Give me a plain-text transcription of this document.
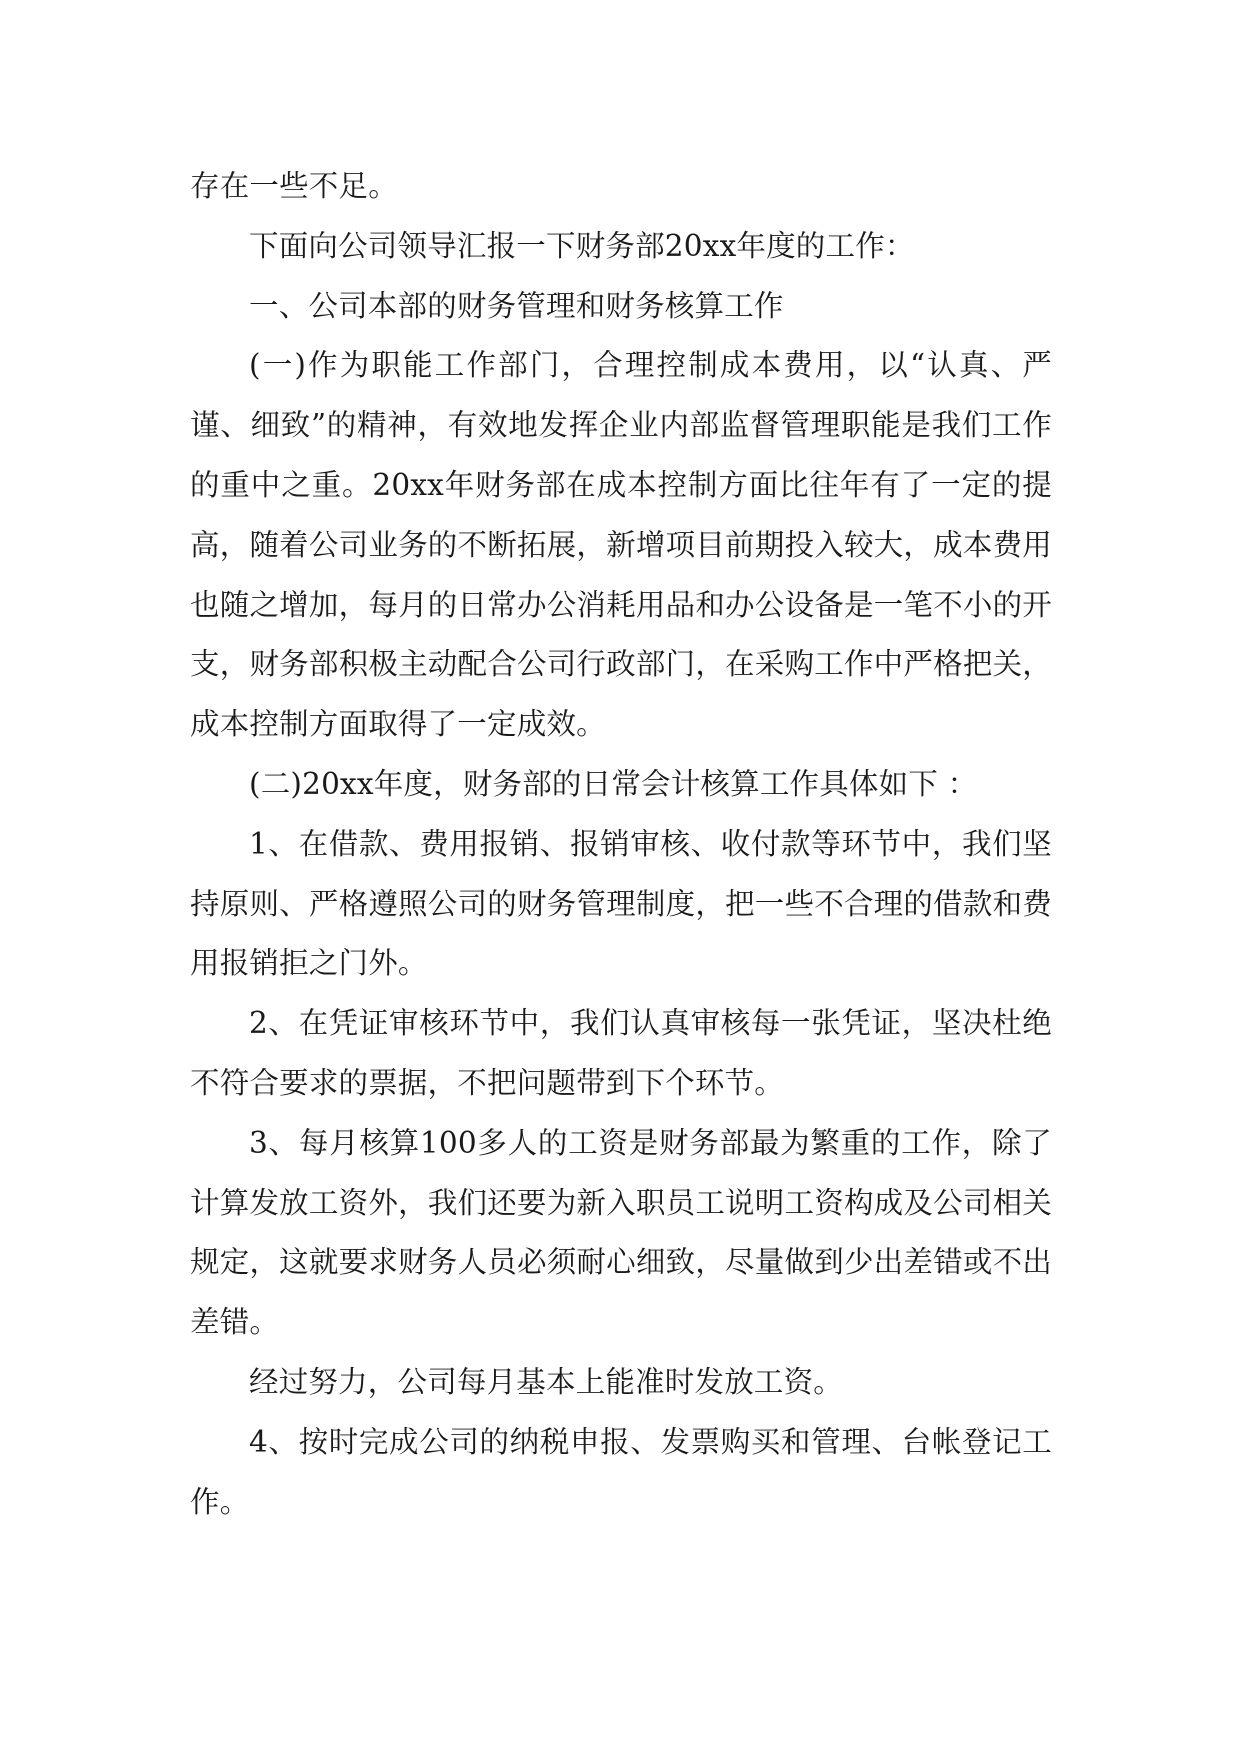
存在一些不足。

下面向公司领导汇报一下财务部20xx年度的工作：

一、公司本部的财务管理和财务核算工作

(一)作为职能工作部门，合理控制成本费用，以“认真、严谨、细致”的精神，有效地发挥企业内部监督管理职能是我们工作的重中之重。20xx年财务部在成本控制方面比往年有了一定的提高，随着公司业务的不断拓展，新增项目前期投入较大，成本费用也随之增加，每月的日常办公消耗用品和办公设备是一笔不小的开支，财务部积极主动配合公司行政部门，在采购工作中严格把关，成本控制方面取得了一定成效。

(二)20xx年度，财务部的日常会计核算工作具体如下 ：

1、在借款、费用报销、报销审核、收付款等环节中，我们坚持原则、严格遵照公司的财务管理制度，把一些不合理的借款和费用报销拒之门外。

2、在凭证审核环节中，我们认真审核每一张凭证，坚决杜绝不符合要求的票据，不把问题带到下个环节。

3、每月核算100多人的工资是财务部最为繁重的工作，除了计算发放工资外，我们还要为新入职员工说明工资构成及公司相关规定，这就要求财务人员必须耐心细致，尽量做到少出差错或不出差错。

经过努力，公司每月基本上能准时发放工资。

4、按时完成公司的纳税申报、发票购买和管理、台帐登记工作。
